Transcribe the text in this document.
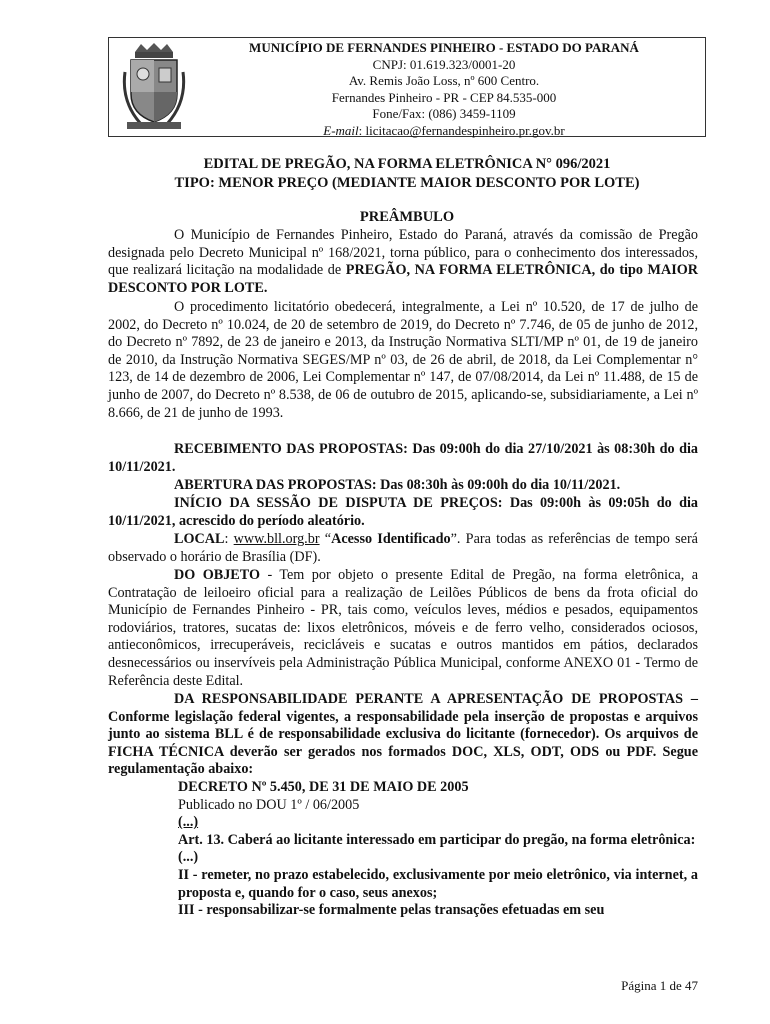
MUNICÍPIO DE FERNANDES PINHEIRO - ESTADO DO PARANÁ
CNPJ: 01.619.323/0001-20
Av. Remis João Loss, nº 600 Centro.
Fernandes Pinheiro - PR - CEP 84.535-000
Fone/Fax: (086) 3459-1109
E-mail: licitacao@fernandespinheiro.pr.gov.br
EDITAL DE PREGÃO, NA FORMA ELETRÔNICA N° 096/2021
TIPO: MENOR PREÇO (MEDIANTE MAIOR DESCONTO POR LOTE)
PREÂMBULO
O Município de Fernandes Pinheiro, Estado do Paraná, através da comissão de Pregão designada pelo Decreto Municipal nº 168/2021, torna público, para o conhecimento dos interessados, que realizará licitação na modalidade de PREGÃO, NA FORMA ELETRÔNICA, do tipo MAIOR DESCONTO POR LOTE.
O procedimento licitatório obedecerá, integralmente, a Lei nº 10.520, de 17 de julho de 2002, do Decreto nº 10.024, de 20 de setembro de 2019, do Decreto nº 7.746, de 05 de junho de 2012, do Decreto nº 7892, de 23 de janeiro e 2013, da Instrução Normativa SLTI/MP nº 01, de 19 de janeiro de 2010, da Instrução Normativa SEGES/MP nº 03, de 26 de abril, de 2018, da Lei Complementar n° 123, de 14 de dezembro de 2006, Lei Complementar nº 147, de 07/08/2014, da Lei nº 11.488, de 15 de junho de 2007, do Decreto nº 8.538, de 06 de outubro de 2015, aplicando-se, subsidiariamente, a Lei nº 8.666, de 21 de junho de 1993.
RECEBIMENTO DAS PROPOSTAS: Das 09:00h do dia 27/10/2021 às 08:30h do dia 10/11/2021.
ABERTURA DAS PROPOSTAS: Das 08:30h às 09:00h do dia 10/11/2021.
INÍCIO DA SESSÃO DE DISPUTA DE PREÇOS: Das 09:00h às 09:05h do dia 10/11/2021, acrescido do período aleatório.
LOCAL: www.bll.org.br “Acesso Identificado”. Para todas as referências de tempo será observado o horário de Brasília (DF).
DO OBJETO - Tem por objeto o presente Edital de Pregão, na forma eletrônica, a Contratação de leiloeiro oficial para a realização de Leilões Públicos de bens da frota oficial do Município de Fernandes Pinheiro - PR, tais como, veículos leves, médios e pesados, equipamentos rodoviários, tratores, sucatas de: lixos eletrônicos, móveis e de ferro velho, considerados ociosos, antieconômicos, irrecuperáveis, recicláveis e sucatas e outros mantidos em pátios, declarados desnecessários ou inservíveis pela Administração Pública Municipal, conforme ANEXO 01 - Termo de Referência deste Edital.
DA RESPONSABILIDADE PERANTE A APRESENTAÇÃO DE PROPOSTAS – Conforme legislação federal vigentes, a responsabilidade pela inserção de propostas e arquivos junto ao sistema BLL é de responsabilidade exclusiva do licitante (fornecedor). Os arquivos de FICHA TÉCNICA deverão ser gerados nos formados DOC, XLS, ODT, ODS ou PDF. Segue regulamentação abaixo:
DECRETO Nº 5.450, DE 31 DE MAIO DE 2005
Publicado no DOU 1º / 06/2005
(...)
Art. 13. Caberá ao licitante interessado em participar do pregão, na forma eletrônica:
(...)
II - remeter, no prazo estabelecido, exclusivamente por meio eletrônico, via internet, a proposta e, quando for o caso, seus anexos;
III - responsabilizar-se formalmente pelas transações efetuadas em seu
Página 1 de 47
